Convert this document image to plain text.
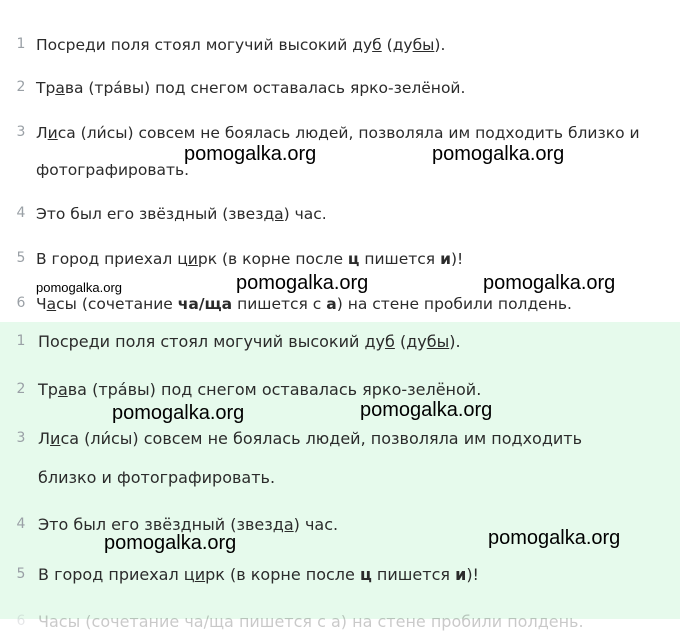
1 Посреди поля стоял могучий высокий дуб (дубы).
2 Трава (тра́вы) под снегом оставалась ярко-зелёной.
3 Лиса (ли́сы) совсем не боялась людей, позволяла им подходить близко и
фотографировать.
4 Это был его звёздный (звезда) час.
5 В город приехал цирк (в корне после ц пишется и)!
6 Часы (сочетание ча/ща пишется с а) на стене пробили полдень.
1 Посреди поля стоял могучий высокий дуб (дубы).
2 Трава (тра́вы) под снегом оставалась ярко-зелёной.
3 Лиса (ли́сы) совсем не боялась людей, позволяла им подходить
близко и фотографировать.
4 Это был его звёздный (звезда) час.
5 В город приехал цирк (в корне после ц пишется и)!
6 Часы (сочетание ча/ща пишется с а) на стене пробили полдень.
pomogalka.org	pomogalka.org
pomogalka.org	pomogalka.org
pomogalka.org
pomogalka.org	pomogalka.org
pomogalka.org	pomogalka.org
